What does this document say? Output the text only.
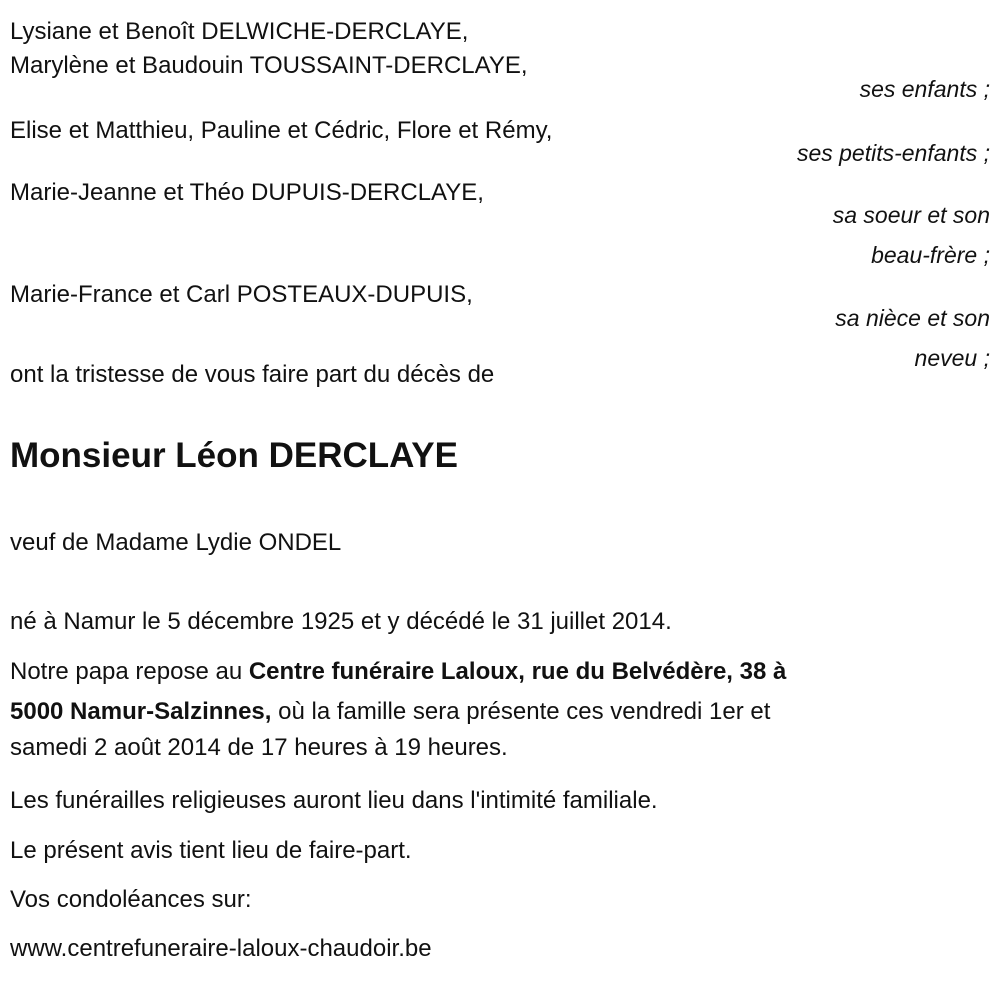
Lysiane et Benoît DELWICHE-DERCLAYE,
Marylène et Baudouin TOUSSAINT-DERCLAYE,
ses enfants ;
Elise et Matthieu, Pauline et Cédric, Flore et Rémy,
ses petits-enfants ;
Marie-Jeanne et Théo DUPUIS-DERCLAYE,
sa soeur et son
beau-frère ;
Marie-France et Carl POSTEAUX-DUPUIS,
sa nièce et son
neveu ;
ont la tristesse de vous faire part du décès de
Monsieur Léon DERCLAYE
veuf de Madame Lydie ONDEL
né à Namur le 5 décembre 1925 et y décédé le 31 juillet 2014.
Notre papa repose au Centre funéraire Laloux, rue du Belvédère, 38 à
5000 Namur-Salzinnes, où la famille sera présente ces vendredi 1er et
samedi 2 août 2014 de 17 heures à 19 heures.
Les funérailles religieuses auront lieu dans l'intimité familiale.
Le présent avis tient lieu de faire-part.
Vos condoléances sur:
www.centrefuneraire-laloux-chaudoir.be
